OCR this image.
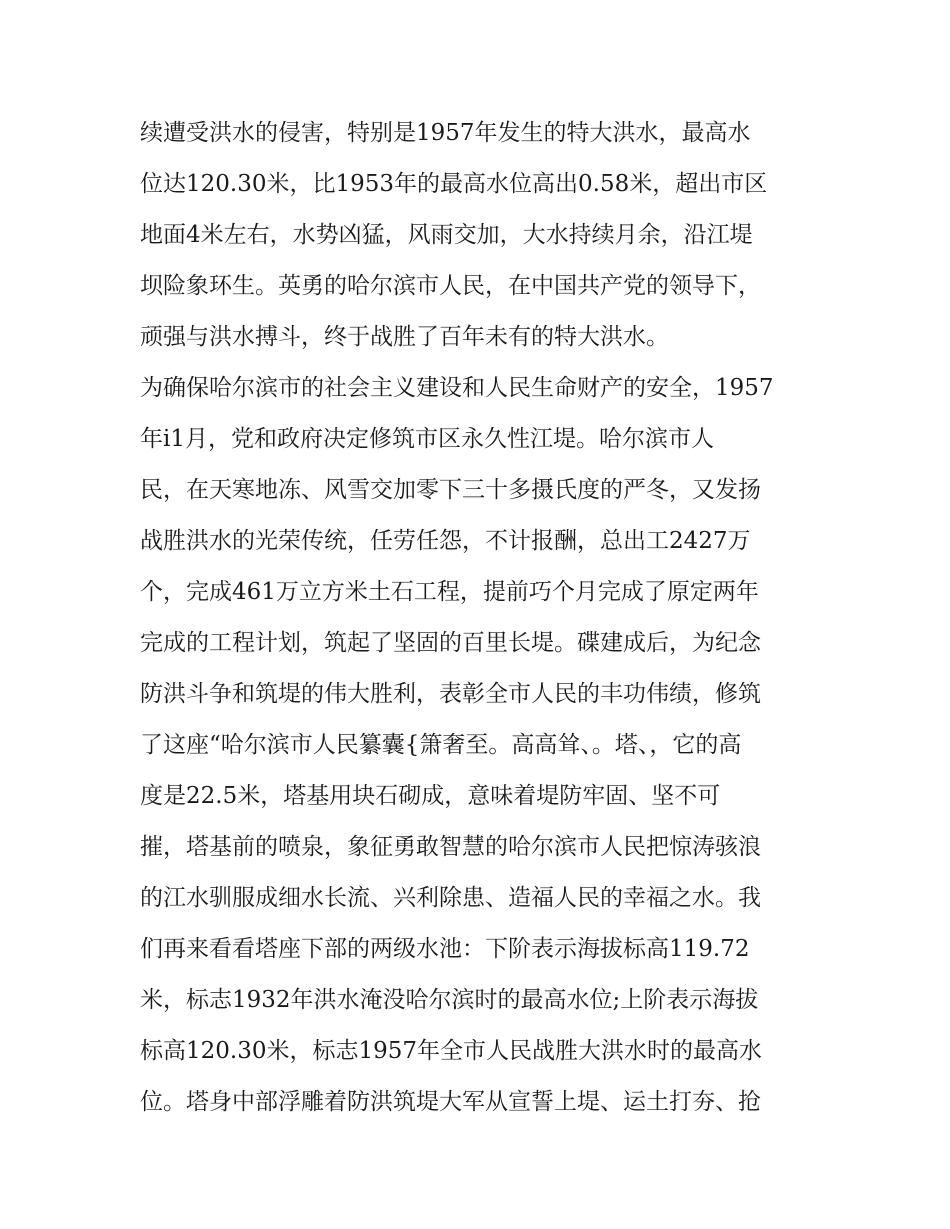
续遭受洪水的侵害，特别是1957年发生的特大洪水，最高水
位达120.30米，比1953年的最高水位高出0.58米，超出市区
地面4米左右，水势凶猛，风雨交加，大水持续月余，沿江堤
坝险象环生。英勇的哈尔滨市人民，在中国共产党的领导下，
顽强与洪水搏斗，终于战胜了百年未有的特大洪水。
为确保哈尔滨市的社会主义建设和人民生命财产的安全，1957
年i1月，党和政府决定修筑市区永久性江堤。哈尔滨市人
民，在天寒地冻、风雪交加零下三十多摄氏度的严冬，又发扬
战胜洪水的光荣传统，任劳任怨，不计报酬，总出工2427万
个，完成461万立方米土石工程，提前巧个月完成了原定两年
完成的工程计划，筑起了坚固的百里长堤。碟建成后，为纪念
防洪斗争和筑堤的伟大胜利，表彰全市人民的丰功伟绩，修筑
了这座“哈尔滨市人民纂囊{箫奢至。高高耸、。塔、，它的高
度是22.5米，塔基用块石砌成，意味着堤防牢固、坚不可
摧，塔基前的喷泉，象征勇敢智慧的哈尔滨市人民把惊涛骇浪
的江水驯服成细水长流、兴利除患、造福人民的幸福之水。我
们再来看看塔座下部的两级水池：下阶表示海拔标高119.72
米，标志1932年洪水淹没哈尔滨时的最高水位;上阶表示海拔
标高120.30米，标志1957年全市人民战胜大洪水时的最高水
位。塔身中部浮雕着防洪筑堤大军从宣誓上堤、运土打夯、抢
